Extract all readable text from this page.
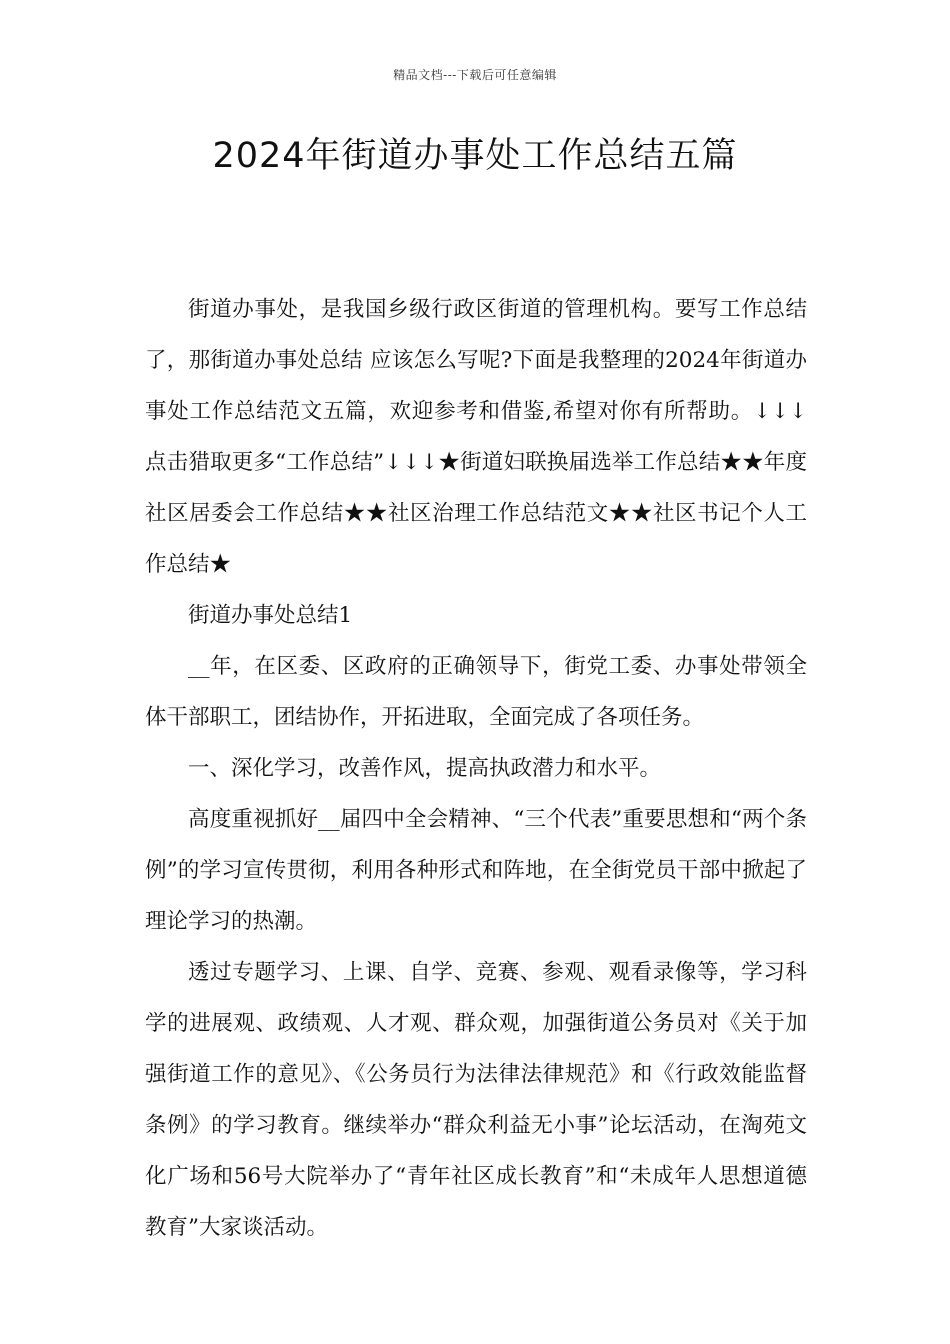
精品文档---下载后可任意编辑
2024年街道办事处工作总结五篇

街道办事处，是我国乡级行政区街道的管理机构。要写工作总结了，那街道办事处总结 应该怎么写呢?下面是我整理的2024年街道办事处工作总结范文五篇，欢迎参考和借鉴,希望对你有所帮助。↓↓↓点击猎取更多“工作总结”↓↓↓★街道妇联换届选举工作总结★★年度社区居委会工作总结★★社区治理工作总结范文★★社区书记个人工作总结★

街道办事处总结1

__年，在区委、区政府的正确领导下，街党工委、办事处带领全体干部职工，团结协作，开拓进取，全面完成了各项任务。

一、深化学习，改善作风，提高执政潜力和水平。

高度重视抓好__届四中全会精神、“三个代表”重要思想和“两个条例”的学习宣传贯彻，利用各种形式和阵地，在全街党员干部中掀起了理论学习的热潮。

透过专题学习、上课、自学、竞赛、参观、观看录像等，学习科学的进展观、政绩观、人才观、群众观，加强街道公务员对《关于加强街道工作的意见》、《公务员行为法律法律规范》和《行政效能监督条例》的学习教育。继续举办“群众利益无小事”论坛活动，在淘苑文化广场和56号大院举办了“青年社区成长教育”和“未成年人思想道德教育”大家谈活动。
